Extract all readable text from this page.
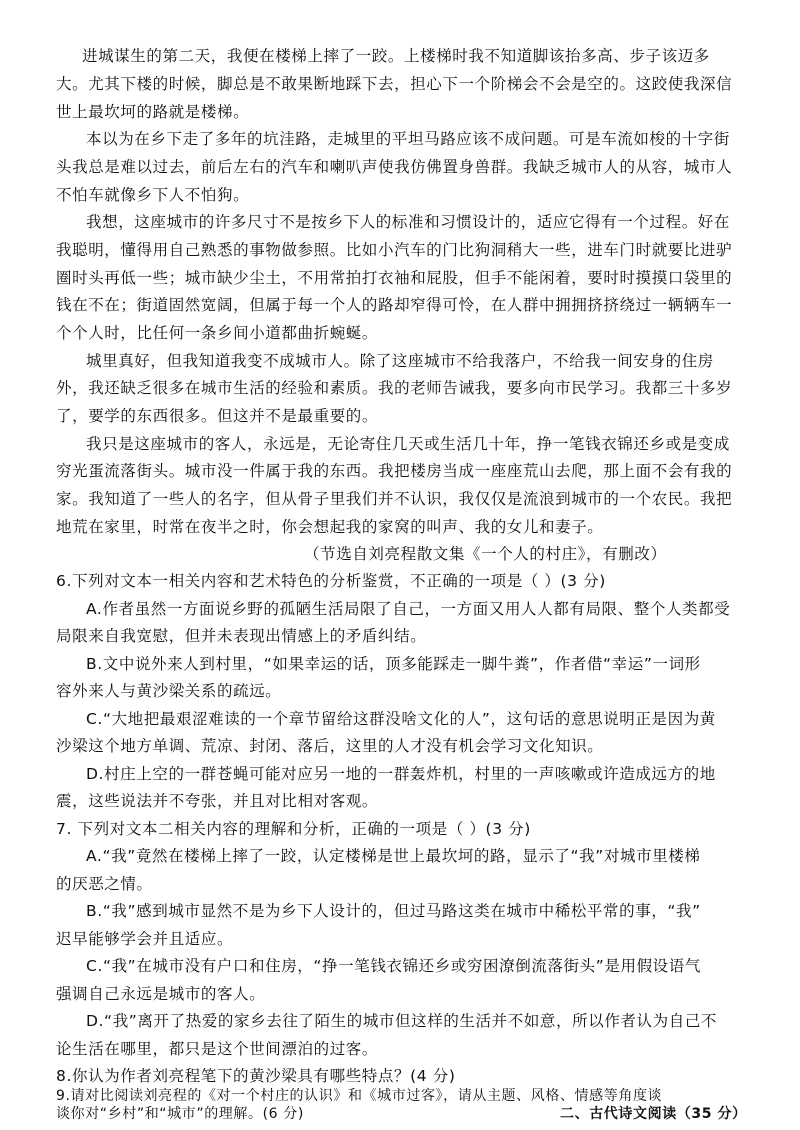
进城谋生的第二天，我便在楼梯上摔了一跤。上楼梯时我不知道脚该抬多高、步子该迈多
大。尤其下楼的时候，脚总是不敢果断地踩下去，担心下一个阶梯会不会是空的。这跤使我深信
世上最坎坷的路就是楼梯。
本以为在乡下走了多年的坑洼路，走城里的平坦马路应该不成问题。可是车流如梭的十字街
头我总是难以过去，前后左右的汽车和喇叭声使我仿佛置身兽群。我缺乏城市人的从容，城市人
不怕车就像乡下人不怕狗。
我想，这座城市的许多尺寸不是按乡下人的标准和习惯设计的，适应它得有一个过程。好在
我聪明，懂得用自己熟悉的事物做参照。比如小汽车的门比狗洞稍大一些，进车门时就要比进驴
圈时头再低一些；城市缺少尘土，不用常拍打衣袖和屁股，但手不能闲着，要时时摸摸口袋里的
钱在不在；街道固然宽阔，但属于每一个人的路却窄得可怜，在人群中拥拥挤挤绕过一辆辆车一
个个人时，比任何一条乡间小道都曲折蜿蜒。
城里真好，但我知道我变不成城市人。除了这座城市不给我落户，不给我一间安身的住房
外，我还缺乏很多在城市生活的经验和素质。我的老师告诫我，要多向市民学习。我都三十多岁
了，要学的东西很多。但这并不是最重要的。
我只是这座城市的客人，永远是，无论寄住几天或生活几十年，挣一笔钱衣锦还乡或是变成
穷光蛋流落街头。城市没一件属于我的东西。我把楼房当成一座座荒山去爬，那上面不会有我的
家。我知道了一些人的名字，但从骨子里我们并不认识，我仅仅是流浪到城市的一个农民。我把
地荒在家里，时常在夜半之时，你会想起我的家窝的叫声、我的女儿和妻子。
（节选自刘亮程散文集《一个人的村庄》，有删改）
6.下列对文本一相关内容和艺术特色的分析鉴赏，不正确的一项是（ ）(3 分)
A.作者虽然一方面说乡野的孤陋生活局限了自己，一方面又用人人都有局限、整个人类都受
局限来自我宽慰，但并未表现出情感上的矛盾纠结。
B.文中说外来人到村里，“如果幸运的话，顶多能踩走一脚牛粪”，作者借“幸运”一词形
容外来人与黄沙梁关系的疏远。
C.“大地把最艰涩难读的一个章节留给这群没啥文化的人”，这句话的意思说明正是因为黄
沙梁这个地方单调、荒凉、封闭、落后，这里的人才没有机会学习文化知识。
D.村庄上空的一群苍蝇可能对应另一地的一群轰炸机，村里的一声咳嗽或许造成远方的地
震，这些说法并不夸张，并且对比相对客观。
7. 下列对文本二相关内容的理解和分析，正确的一项是（ ）(3 分)
A.“我”竟然在楼梯上摔了一跤，认定楼梯是世上最坎坷的路，显示了“我”对城市里楼梯
的厌恶之情。
B.“我”感到城市显然不是为乡下人设计的，但过马路这类在城市中稀松平常的事，“我”
迟早能够学会并且适应。
C.“我”在城市没有户口和住房，“挣一笔钱衣锦还乡或穷困潦倒流落街头”是用假设语气
强调自己永远是城市的客人。
D.“我”离开了热爱的家乡去往了陌生的城市但这样的生活并不如意，所以作者认为自己不
论生活在哪里，都只是这个世间漂泊的过客。
8.你认为作者刘亮程笔下的黄沙梁具有哪些特点？(4 分)
9.请对比阅读刘亮程的《对一个村庄的认识》和《城市过客》，请从主题、风格、情感等角度谈
谈你对“乡村”和“城市”的理解。(6 分)	二、古代诗文阅读（35 分）
